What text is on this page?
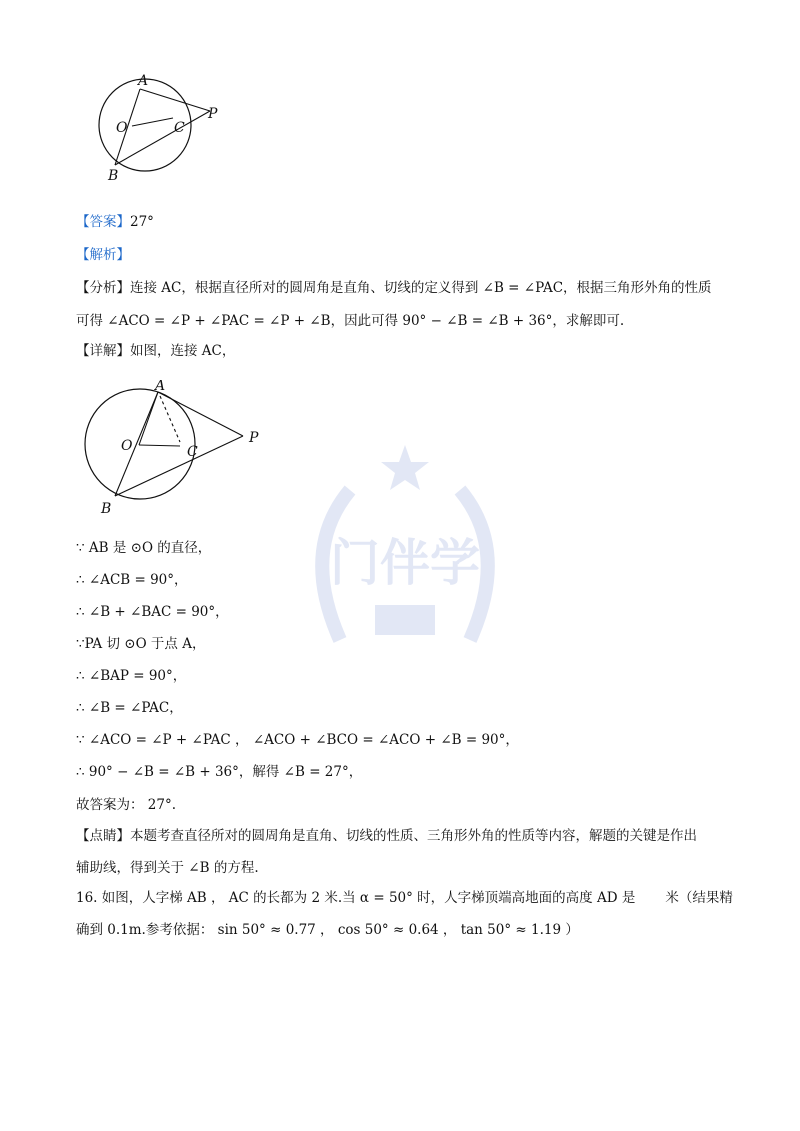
A
O	C
P
B
A
O	C
P
B
门伴学
【答案】27°
【解析】
【分析】连接 AC，根据直径所对的圆周角是直角、切线的定义得到 ∠B = ∠PAC，根据三角形外角的性质
可得 ∠ACO = ∠P + ∠PAC = ∠P + ∠B，因此可得 90° − ∠B = ∠B + 36°，求解即可.
【详解】如图，连接 AC，
∵ AB 是 ⊙O 的直径，
∴ ∠ACB = 90°，
∴ ∠B + ∠BAC = 90°，
∵PA 切 ⊙O 于点 A，
∴ ∠BAP = 90°，
∴ ∠B = ∠PAC，
∵ ∠ACO = ∠P + ∠PAC ， ∠ACO + ∠BCO = ∠ACO + ∠B = 90°，
∴ 90° − ∠B = ∠B + 36°，解得 ∠B = 27°，
故答案为： 27°.
【点睛】本题考查直径所对的圆周角是直角、切线的性质、三角形外角的性质等内容，解题的关键是作出
辅助线，得到关于 ∠B 的方程.
16. 如图，人字梯 AB ， AC 的长都为 2 米.当 α = 50° 时，人字梯顶端高地面的高度 AD 是 米（结果精
确到 0.1m.参考依据： sin 50° ≈ 0.77 ， cos 50° ≈ 0.64 ， tan 50° ≈ 1.19 ）
